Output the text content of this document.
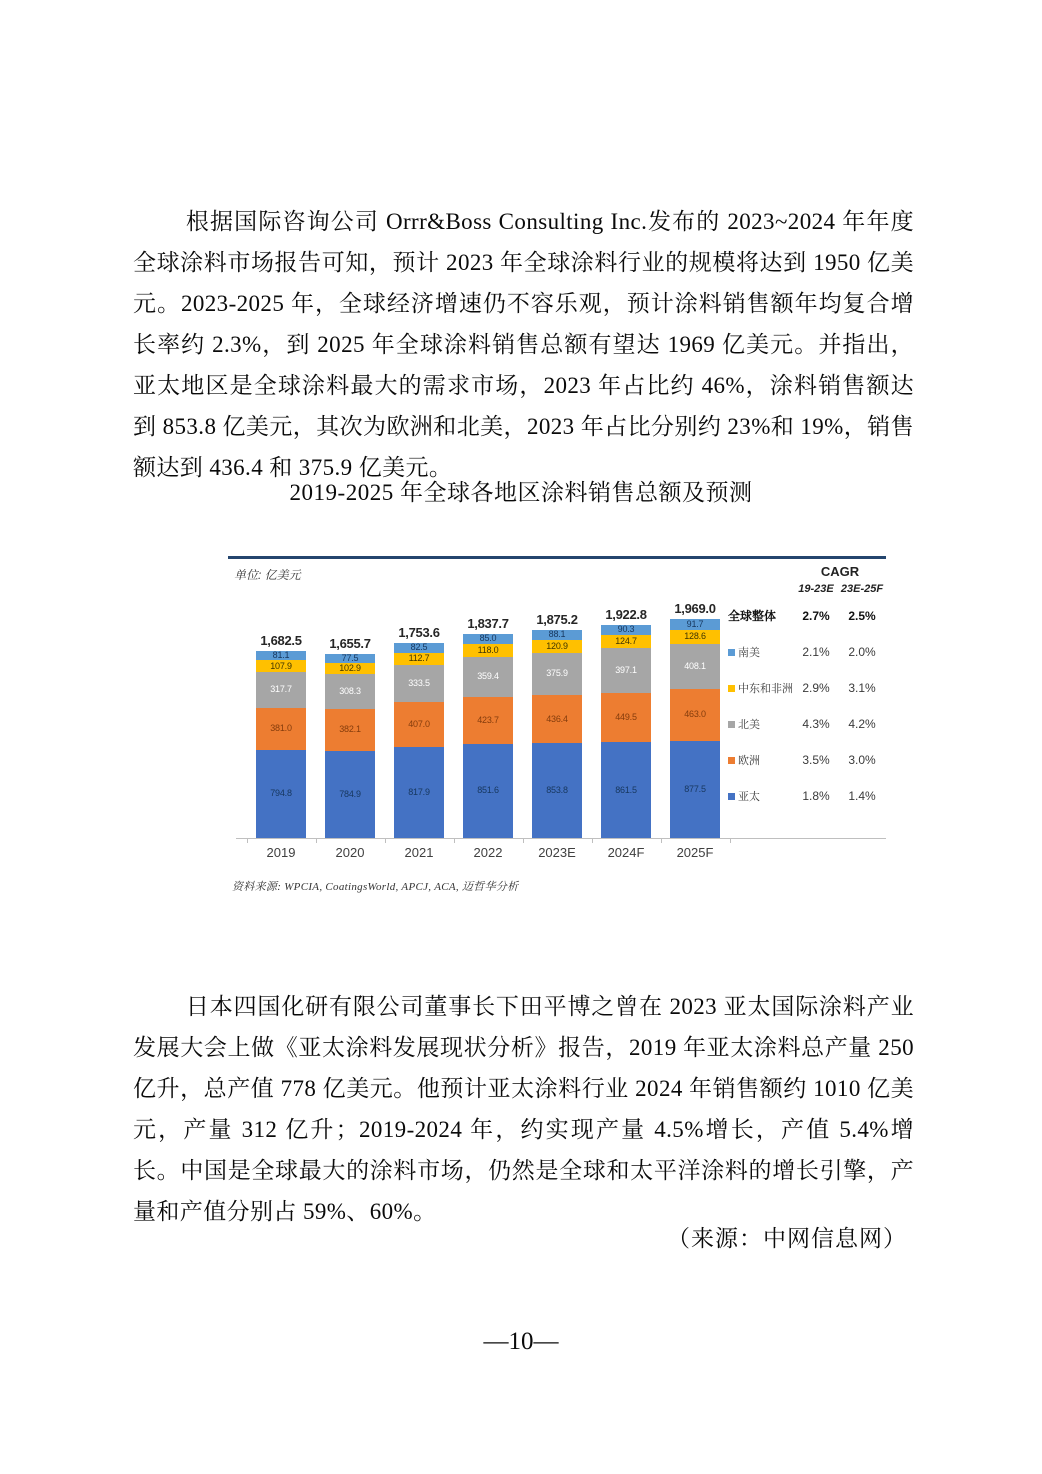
根据国际咨询公司 Orrr&Boss Consulting Inc.发布的 2023~2024 年年度全球涂料市场报告可知，预计 2023 年全球涂料行业的规模将达到 1950 亿美元。2023-2025 年，全球经济增速仍不容乐观，预计涂料销售额年均复合增长率约 2.3%，到 2025 年全球涂料销售总额有望达 1969 亿美元。并指出，亚太地区是全球涂料最大的需求市场，2023 年占比约 46%，涂料销售额达到 853.8 亿美元，其次为欧洲和北美，2023 年占比分别约 23%和 19%，销售额达到 436.4 和 375.9 亿美元。

2019-2025 年全球各地区涂料销售总额及预测
单位: 亿美元
1,682.5
794.8
381.0
317.7
107.9
81.1
1,655.7
784.9
382.1
308.3
102.9
77.5
1,753.6
817.9
407.0
333.5
112.7
82.5
1,837.7
851.6
423.7
359.4
118.0
85.0
1,875.2
853.8
436.4
375.9
120.9
88.1
1,922.8
861.5
449.5
397.1
124.7
90.3
1,969.0
877.5
463.0
408.1
128.6
91.7
2019	2020	2021	2022	2023E	2024F	2025F
CAGR
19-23E 23E-25F
全球整体	2.7%	2.5%
南美	2.1%	2.0%
中东和非洲 2.9%	3.1%
北美	4.3%	4.2%
欧洲	3.5%	3.0%
亚太	1.8%	1.4%
资料来源: WPCIA, CoatingsWorld, APCJ, ACA, 迈哲华分析

日本四国化研有限公司董事长下田平博之曾在 2023 亚太国际涂料产业发展大会上做《亚太涂料发展现状分析》报告，2019 年亚太涂料总产量 250 亿升，总产值 778 亿美元。他预计亚太涂料行业 2024 年销售额约 1010 亿美元，产量 312 亿升；2019-2024 年，约实现产量 4.5%增长，产值 5.4%增长。中国是全球最大的涂料市场，仍然是全球和太平洋涂料的增长引擎，产量和产值分别占 59%、60%。

（来源：中网信息网）
—10—
